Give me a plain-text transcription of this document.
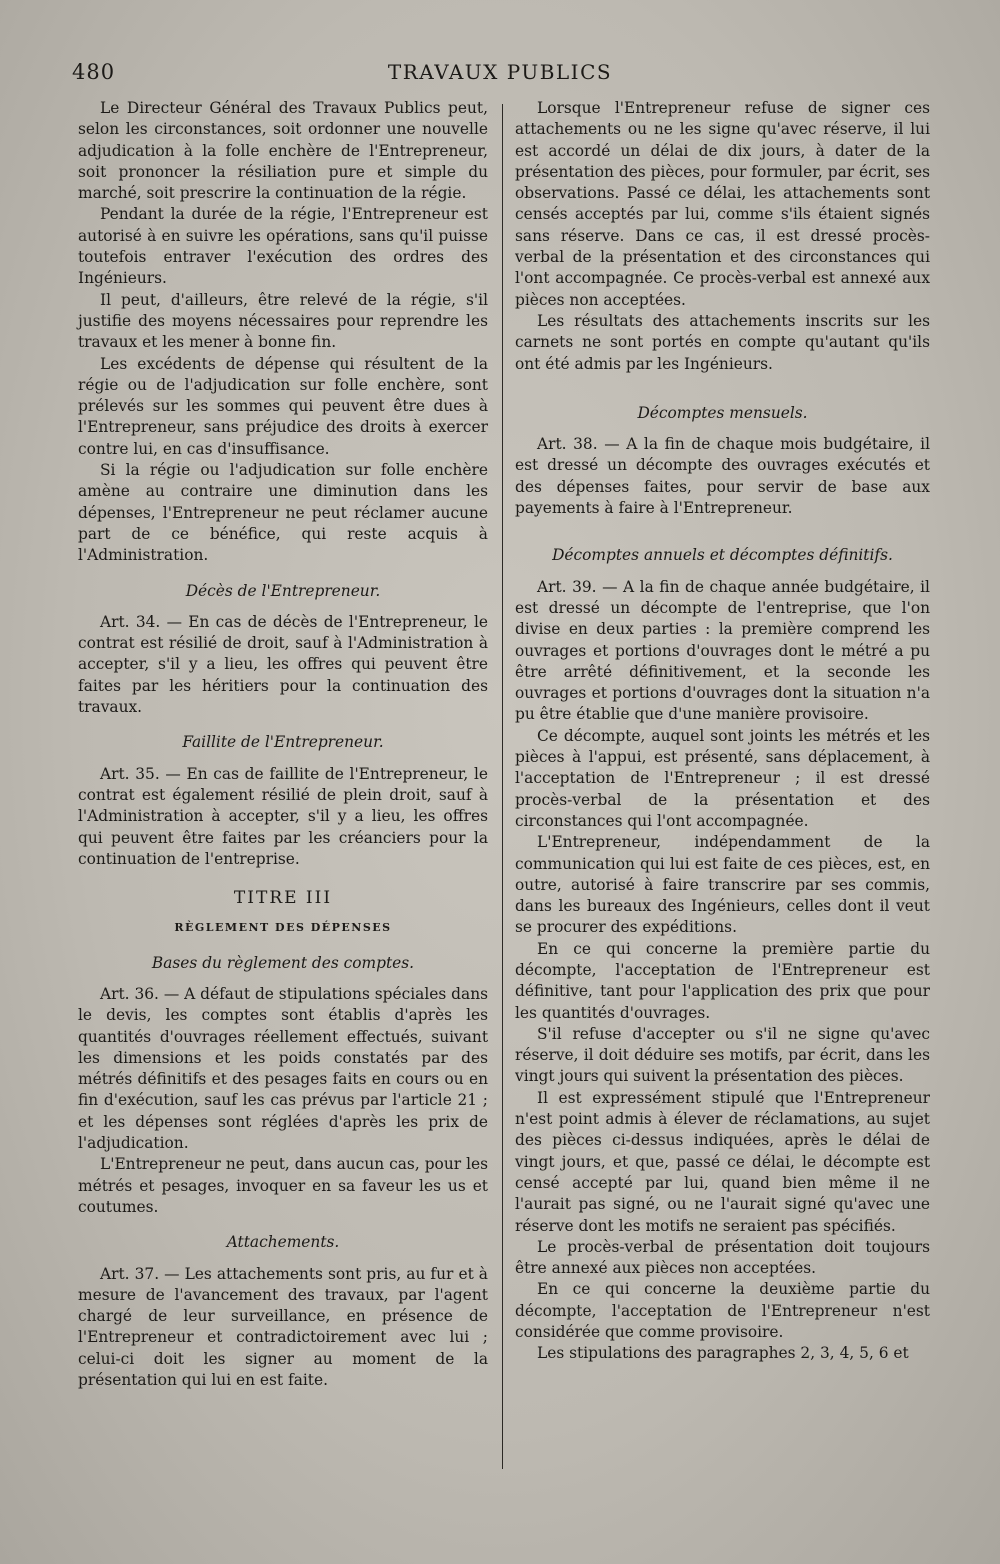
480	TRAVAUX PUBLICS

Le Directeur Général des Travaux Publics peut, selon les circonstances, soit ordonner une nouvelle adjudication à la folle enchère de l'Entrepreneur, soit prononcer la résiliation pure et simple du marché, soit prescrire la continuation de la régie.

Pendant la durée de la régie, l'Entrepreneur est autorisé à en suivre les opérations, sans qu'il puisse toutefois entraver l'exécution des ordres des Ingénieurs.

Il peut, d'ailleurs, être relevé de la régie, s'il justifie des moyens nécessaires pour reprendre les travaux et les mener à bonne fin.

Les excédents de dépense qui résultent de la régie ou de l'adjudication sur folle enchère, sont prélevés sur les sommes qui peuvent être dues à l'Entrepreneur, sans préjudice des droits à exercer contre lui, en cas d'insuffisance.

Si la régie ou l'adjudication sur folle enchère amène au contraire une diminution dans les dépenses, l'Entrepreneur ne peut réclamer aucune part de ce bénéfice, qui reste acquis à l'Administration.

Décès de l'Entrepreneur.

Art. 34. — En cas de décès de l'Entrepreneur, le contrat est résilié de droit, sauf à l'Administration à accepter, s'il y a lieu, les offres qui peuvent être faites par les héritiers pour la continuation des travaux.

Faillite de l'Entrepreneur.

Art. 35. — En cas de faillite de l'Entrepreneur, le contrat est également résilié de plein droit, sauf à l'Administration à accepter, s'il y a lieu, les offres qui peuvent être faites par les créanciers pour la continuation de l'entreprise.

TITRE III

RÈGLEMENT DES DÉPENSES

Bases du règlement des comptes.

Art. 36. — A défaut de stipulations spéciales dans le devis, les comptes sont établis d'après les quantités d'ouvrages réellement effectués, suivant les dimensions et les poids constatés par des métrés définitifs et des pesages faits en cours ou en fin d'exécution, sauf les cas prévus par l'article 21 ; et les dépenses sont réglées d'après les prix de l'adjudication.

L'Entrepreneur ne peut, dans aucun cas, pour les métrés et pesages, invoquer en sa faveur les us et coutumes.

Attachements.

Art. 37. — Les attachements sont pris, au fur et à mesure de l'avancement des travaux, par l'agent chargé de leur surveillance, en présence de l'Entrepreneur et contradictoirement avec lui ; celui-ci doit les signer au moment de la présentation qui lui en est faite.

Lorsque l'Entrepreneur refuse de signer ces attachements ou ne les signe qu'avec réserve, il lui est accordé un délai de dix jours, à dater de la présentation des pièces, pour formuler, par écrit, ses observations. Passé ce délai, les attachements sont censés acceptés par lui, comme s'ils étaient signés sans réserve. Dans ce cas, il est dressé procès-verbal de la présentation et des circonstances qui l'ont accompagnée. Ce procès-verbal est annexé aux pièces non acceptées.

Les résultats des attachements inscrits sur les carnets ne sont portés en compte qu'autant qu'ils ont été admis par les Ingénieurs.

Décomptes mensuels.

Art. 38. — A la fin de chaque mois budgétaire, il est dressé un décompte des ouvrages exécutés et des dépenses faites, pour servir de base aux payements à faire à l'Entrepreneur.

Décomptes annuels et décomptes définitifs.

Art. 39. — A la fin de chaque année budgétaire, il est dressé un décompte de l'entreprise, que l'on divise en deux parties : la première comprend les ouvrages et portions d'ouvrages dont le métré a pu être arrêté définitivement, et la seconde les ouvrages et portions d'ouvrages dont la situation n'a pu être établie que d'une manière provisoire.

Ce décompte, auquel sont joints les métrés et les pièces à l'appui, est présenté, sans déplacement, à l'acceptation de l'Entrepreneur ; il est dressé procès-verbal de la présentation et des circonstances qui l'ont accompagnée.

L'Entrepreneur, indépendamment de la communication qui lui est faite de ces pièces, est, en outre, autorisé à faire transcrire par ses commis, dans les bureaux des Ingénieurs, celles dont il veut se procurer des expéditions.

En ce qui concerne la première partie du décompte, l'acceptation de l'Entrepreneur est définitive, tant pour l'application des prix que pour les quantités d'ouvrages.

S'il refuse d'accepter ou s'il ne signe qu'avec réserve, il doit déduire ses motifs, par écrit, dans les vingt jours qui suivent la présentation des pièces.

Il est expressément stipulé que l'Entrepreneur n'est point admis à élever de réclamations, au sujet des pièces ci-dessus indiquées, après le délai de vingt jours, et que, passé ce délai, le décompte est censé accepté par lui, quand bien même il ne l'aurait pas signé, ou ne l'aurait signé qu'avec une réserve dont les motifs ne seraient pas spécifiés.

Le procès-verbal de présentation doit toujours être annexé aux pièces non acceptées.

En ce qui concerne la deuxième partie du décompte, l'acceptation de l'Entrepreneur n'est considérée que comme provisoire.

Les stipulations des paragraphes 2, 3, 4, 5, 6 et
